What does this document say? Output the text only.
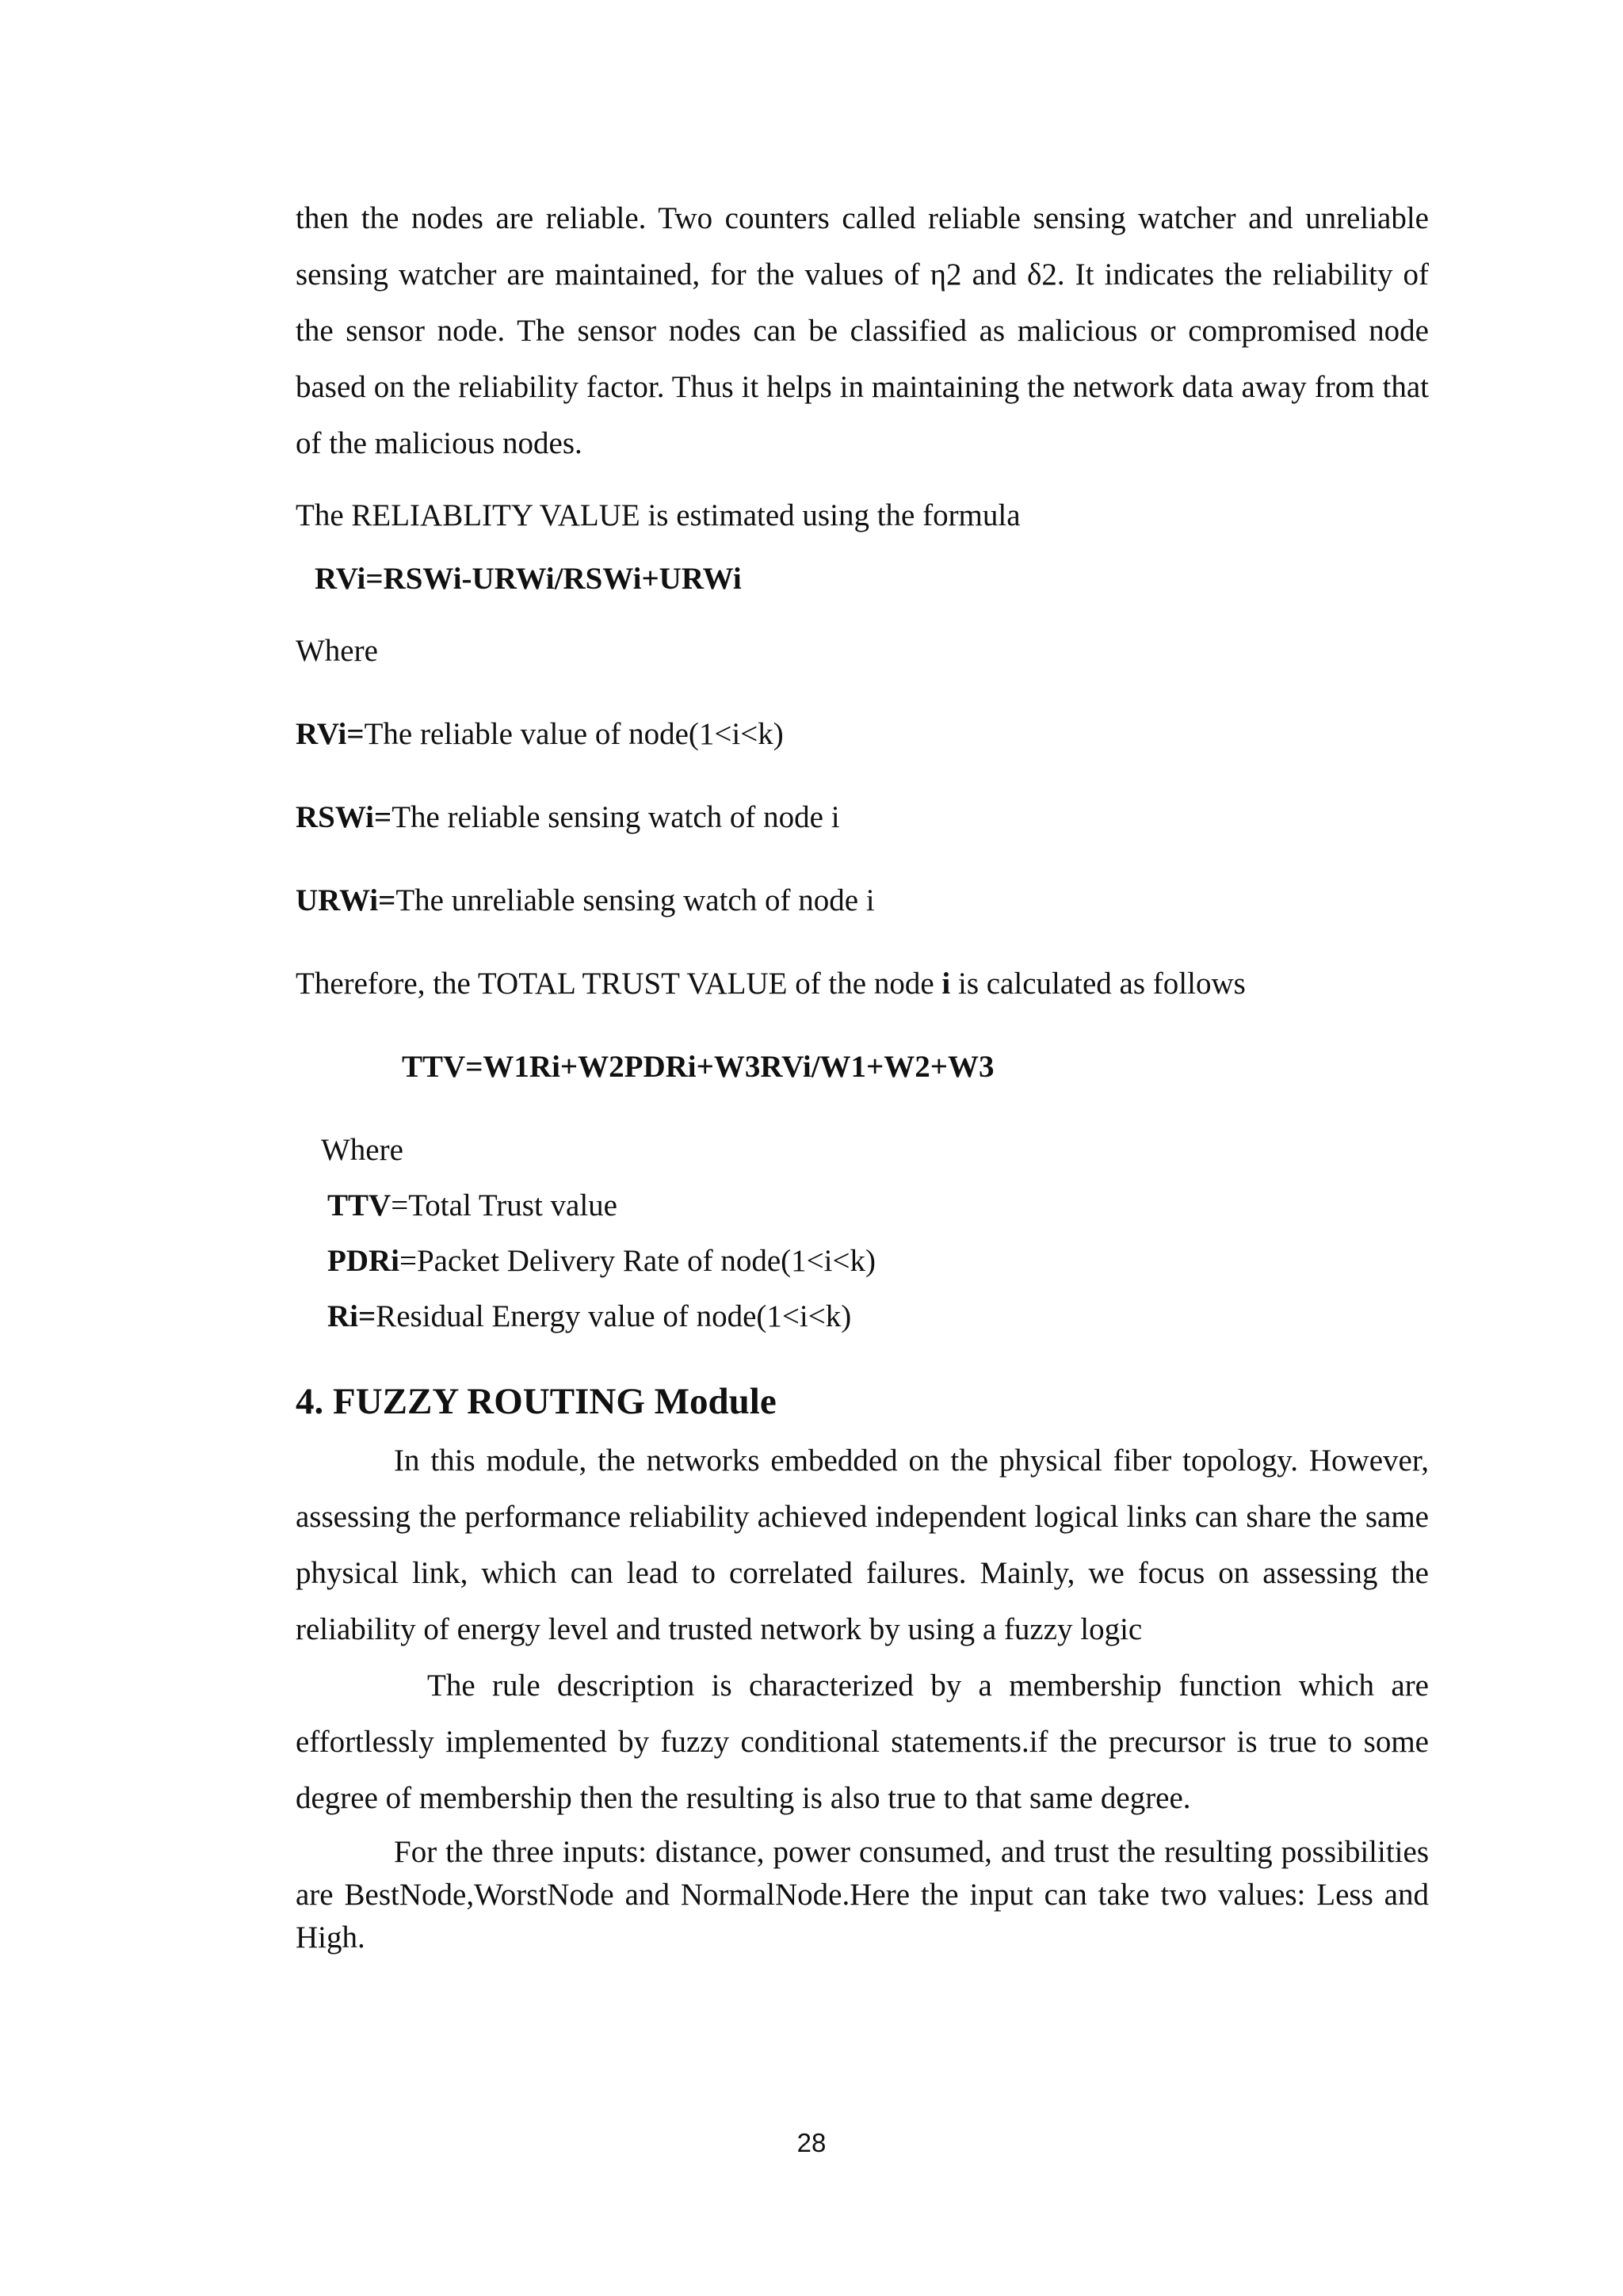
then the nodes are reliable. Two counters called reliable sensing watcher and unreliable sensing watcher are maintained, for the values of η2 and δ2. It indicates the reliability of the sensor node. The sensor nodes can be classified as malicious or compromised node based on the reliability factor. Thus it helps in maintaining the network data away from that of the malicious nodes.

The RELIABLITY VALUE is estimated using the formula

RVi=RSWi-URWi/RSWi+URWi

Where

RVi=The reliable value of node(1<i<k)

RSWi=The reliable sensing watch of node i

URWi=The unreliable sensing watch of node i

Therefore, the TOTAL TRUST VALUE of the node i is calculated as follows

TTV=W1Ri+W2PDRi+W3RVi/W1+W2+W3

Where

TTV=Total Trust value

PDRi=Packet Delivery Rate of node(1<i<k)

Ri=Residual Energy value of node(1<i<k)

4. FUZZY ROUTING Module

In this module, the networks embedded on the physical fiber topology. However, assessing the performance reliability achieved independent logical links can share the same physical link, which can lead to correlated failures. Mainly, we focus on assessing the reliability of energy level and trusted network by using a fuzzy logic

The rule description is characterized by a membership function which are effortlessly implemented by fuzzy conditional statements.if the precursor is true to some degree of membership then the resulting is also true to that same degree.

For the three inputs: distance, power consumed, and trust the resulting possibilities are BestNode,WorstNode and NormalNode.Here the input can take two values: Less and High.

28
